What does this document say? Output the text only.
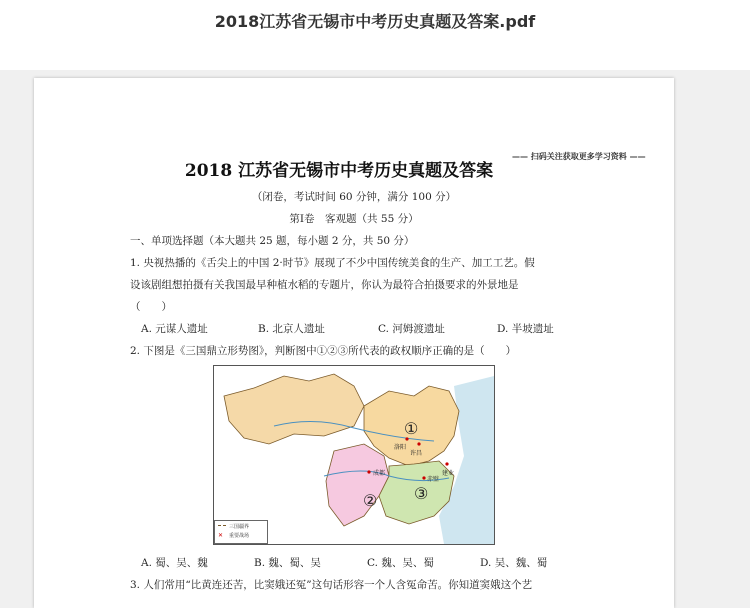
2018江苏省无锡市中考历史真题及答案.pdf
—— 扫码关注获取更多学习资料 ——
2018 江苏省无锡市中考历史真题及答案
（闭卷，考试时间 60 分钟，满分 100 分）
第Ⅰ卷　客观题（共 55 分）
一、单项选择题（本大题共 25 题，每小题 2 分，共 50 分）
1. 央视热播的《舌尖上的中国 2·时节》展现了不少中国传统美食的生产、加工工艺。假
设该剧组想拍摄有关我国最早种植水稻的专题片，你认为最符合拍摄要求的外景地是
（　　）
A. 元谋人遗址	B. 北京人遗址	C. 河姆渡遗址	D. 半坡遗址
2. 下图是《三国鼎立形势图》，判断图中①②③所代表的政权顺序正确的是（　　）
①
② ③
洛阳
许昌
成都	建业
赤壁
三国疆界
✕ 重要战场
A. 蜀、吴、魏	B. 魏、蜀、吴	C. 魏、吴、蜀	D. 吴、魏、蜀
3. 人们常用“比黄连还苦，比窦娥还冤”这句话形容一个人含冤命苦。你知道窦娥这个艺
